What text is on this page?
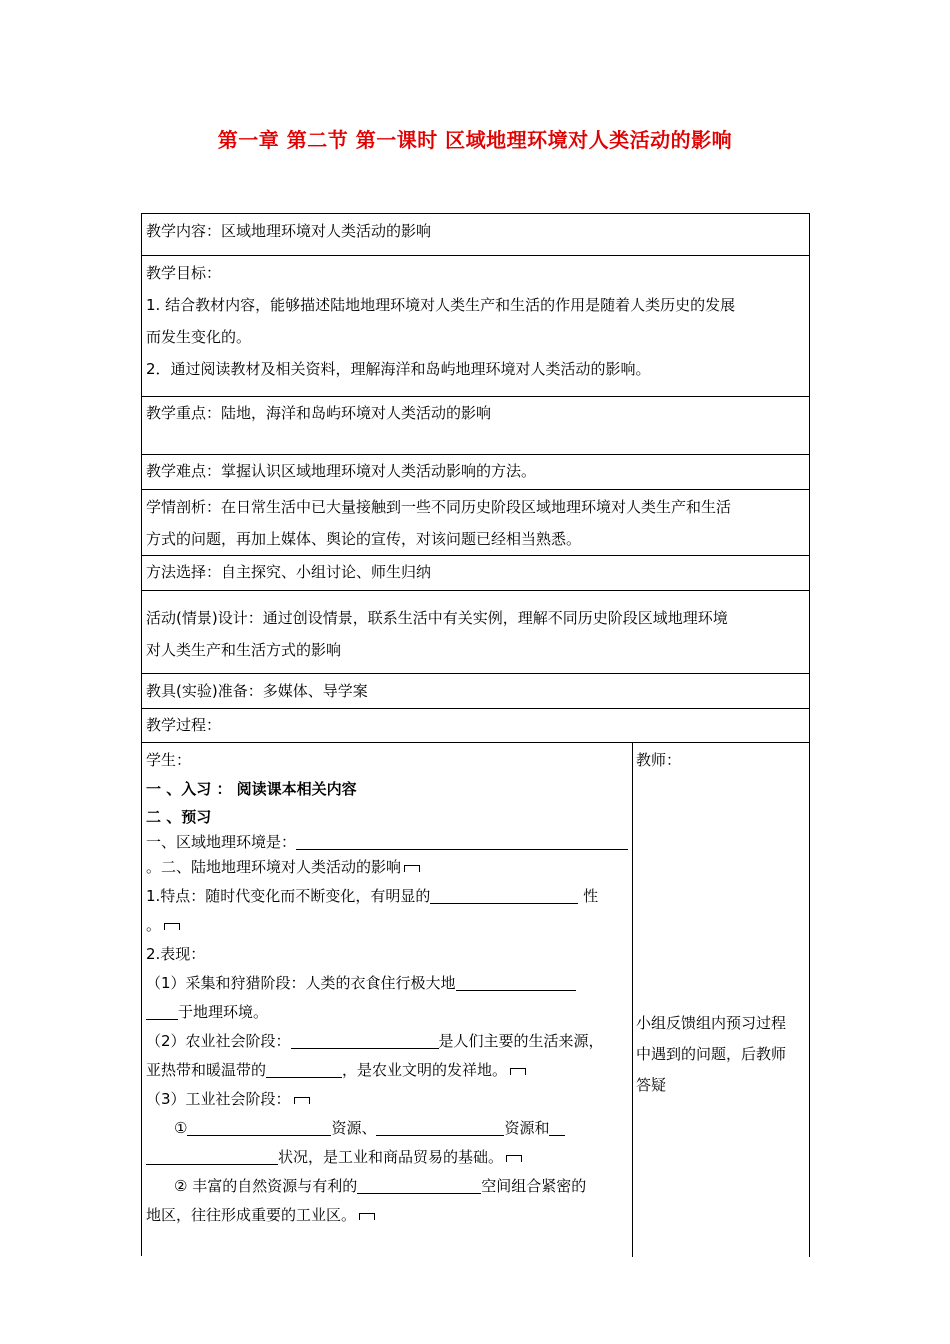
第一章 第二节 第一课时 区域地理环境对人类活动的影响
教学内容：区域地理环境对人类活动的影响
教学目标：
1. 结合教材内容，能够描述陆地地理环境对人类生产和生活的作用是随着人类历史的发展
而发生变化的。
2．通过阅读教材及相关资料，理解海洋和岛屿地理环境对人类活动的影响。
教学重点：陆地，海洋和岛屿环境对人类活动的影响
教学难点：掌握认识区域地理环境对人类活动影响的方法。
学情剖析：在日常生活中已大量接触到一些不同历史阶段区域地理环境对人类生产和生活
方式的问题，再加上媒体、舆论的宣传，对该问题已经相当熟悉。
方法选择：自主探究、小组讨论、师生归纳
活动(情景)设计：通过创设情景，联系生活中有关实例，理解不同历史阶段区域地理环境
对人类生产和生活方式的影响
教具(实验)准备：多媒体、导学案
教学过程：
学生：
一 、入习 ： 阅读课本相关内容
二 、预习
一、区域地理环境是：
。二、陆地地理环境对人类活动的影响
1.特点：随时代变化而不断变化，有明显的	性
。
2.表现：
（1）采集和狩猎阶段：人类的衣食住行极大地
于地理环境。
（2）农业社会阶段：	是人们主要的生活来源，
亚热带和暖温带的	，是农业文明的发祥地。
（3）工业社会阶段：
①	资源、	资源和
状况，是工业和商品贸易的基础。
② 丰富的自然资源与有利的	空间组合紧密的
地区，往往形成重要的工业区。
教师：
小组反馈组内预习过程
中遇到的问题，后教师
答疑
